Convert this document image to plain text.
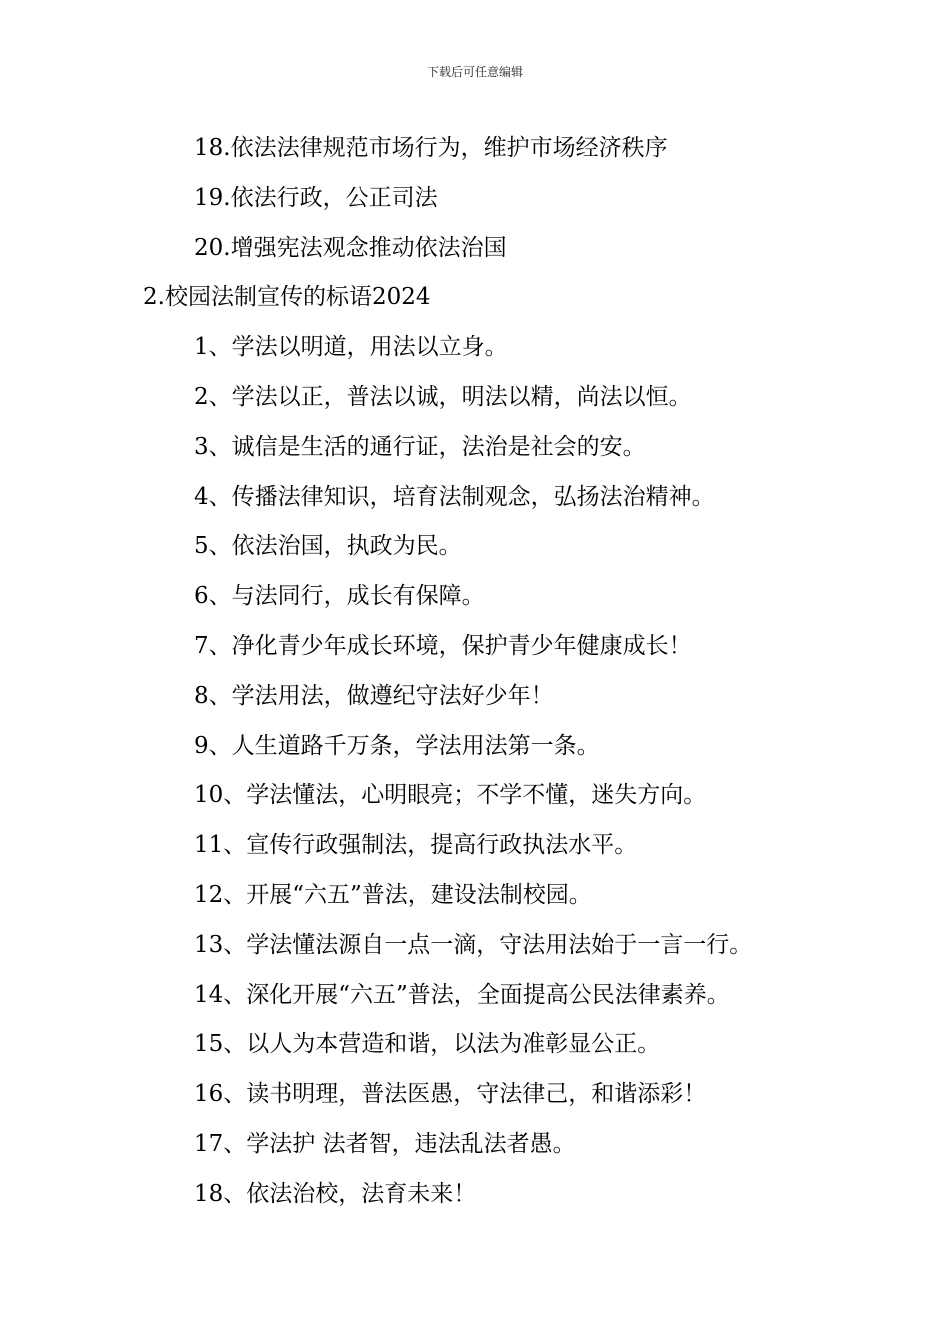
下载后可任意编辑
18.依法法律规范市场行为，维护市场经济秩序
19.依法行政，公正司法
20.增强宪法观念推动依法治国
2.校园法制宣传的标语2024
1、学法以明道，用法以立身。
2、学法以正，普法以诚，明法以精，尚法以恒。
3、诚信是生活的通行证，法治是社会的安。
4、传播法律知识，培育法制观念，弘扬法治精神。
5、依法治国，执政为民。
6、与法同行，成长有保障。
7、净化青少年成长环境，保护青少年健康成长！
8、学法用法，做遵纪守法好少年！
9、人生道路千万条，学法用法第一条。
10、学法懂法，心明眼亮；不学不懂，迷失方向。
11、宣传行政强制法，提高行政执法水平。
12、开展“六五”普法，建设法制校园。
13、学法懂法源自一点一滴，守法用法始于一言一行。
14、深化开展“六五”普法，全面提高公民法律素养。
15、以人为本营造和谐，以法为准彰显公正。
16、读书明理，普法医愚，守法律己，和谐添彩！
17、学法护 法者智，违法乱法者愚。
18、依法治校，法育未来！
